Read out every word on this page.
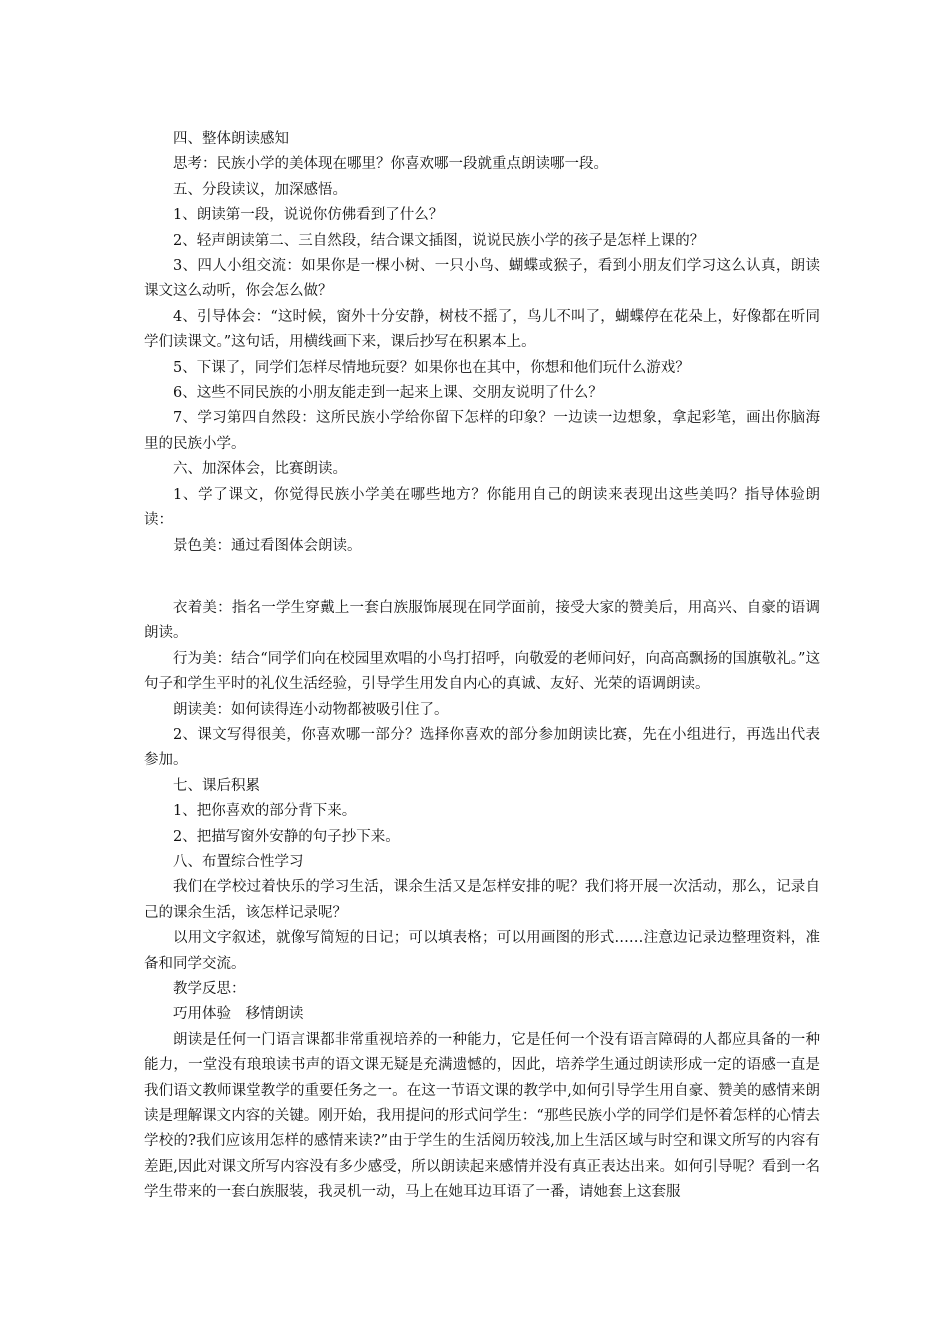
四、整体朗读感知

思考：民族小学的美体现在哪里？你喜欢哪一段就重点朗读哪一段。

五、分段读议，加深感悟。

1、朗读第一段，说说你仿佛看到了什么？

2、轻声朗读第二、三自然段，结合课文插图，说说民族小学的孩子是怎样上课的？

3、四人小组交流：如果你是一棵小树、一只小鸟、蝴蝶或猴子，看到小朋友们学习这么认真，朗读课文这么动听，你会怎么做？

4、引导体会：“这时候，窗外十分安静，树枝不摇了，鸟儿不叫了，蝴蝶停在花朵上，好像都在听同学们读课文。”这句话，用横线画下来，课后抄写在积累本上。

5、下课了，同学们怎样尽情地玩耍？如果你也在其中，你想和他们玩什么游戏？

6、这些不同民族的小朋友能走到一起来上课、交朋友说明了什么？

7、学习第四自然段：这所民族小学给你留下怎样的印象？一边读一边想象，拿起彩笔，画出你脑海里的民族小学。

六、加深体会，比赛朗读。

1、学了课文，你觉得民族小学美在哪些地方？你能用自己的朗读来表现出这些美吗？指导体验朗读：

景色美：通过看图体会朗读。

衣着美：指名一学生穿戴上一套白族服饰展现在同学面前，接受大家的赞美后，用高兴、自豪的语调朗读。

行为美：结合“同学们向在校园里欢唱的小鸟打招呼，向敬爱的老师问好，向高高飘扬的国旗敬礼。”这句子和学生平时的礼仪生活经验，引导学生用发自内心的真诚、友好、光荣的语调朗读。

朗读美：如何读得连小动物都被吸引住了。

2、课文写得很美，你喜欢哪一部分？选择你喜欢的部分参加朗读比赛，先在小组进行，再选出代表参加。

七、课后积累

1、把你喜欢的部分背下来。

2、把描写窗外安静的句子抄下来。

八、布置综合性学习

我们在学校过着快乐的学习生活，课余生活又是怎样安排的呢？我们将开展一次活动，那么，记录自己的课余生活，该怎样记录呢？

以用文字叙述，就像写简短的日记；可以填表格；可以用画图的形式……注意边记录边整理资料，准备和同学交流。

教学反思：

巧用体验　移情朗读

朗读是任何一门语言课都非常重视培养的一种能力，它是任何一个没有语言障碍的人都应具备的一种能力，一堂没有琅琅读书声的语文课无疑是充满遗憾的，因此，培养学生通过朗读形成一定的语感一直是我们语文教师课堂教学的重要任务之一。在这一节语文课的教学中,如何引导学生用自豪、赞美的感情来朗读是理解课文内容的关键。刚开始，我用提问的形式问学生：“那些民族小学的同学们是怀着怎样的心情去学校的?我们应该用怎样的感情来读?”由于学生的生活阅历较浅,加上生活区域与时空和课文所写的内容有差距,因此对课文所写内容没有多少感受，所以朗读起来感情并没有真正表达出来。如何引导呢？看到一名学生带来的一套白族服装，我灵机一动，马上在她耳边耳语了一番，请她套上这套服
